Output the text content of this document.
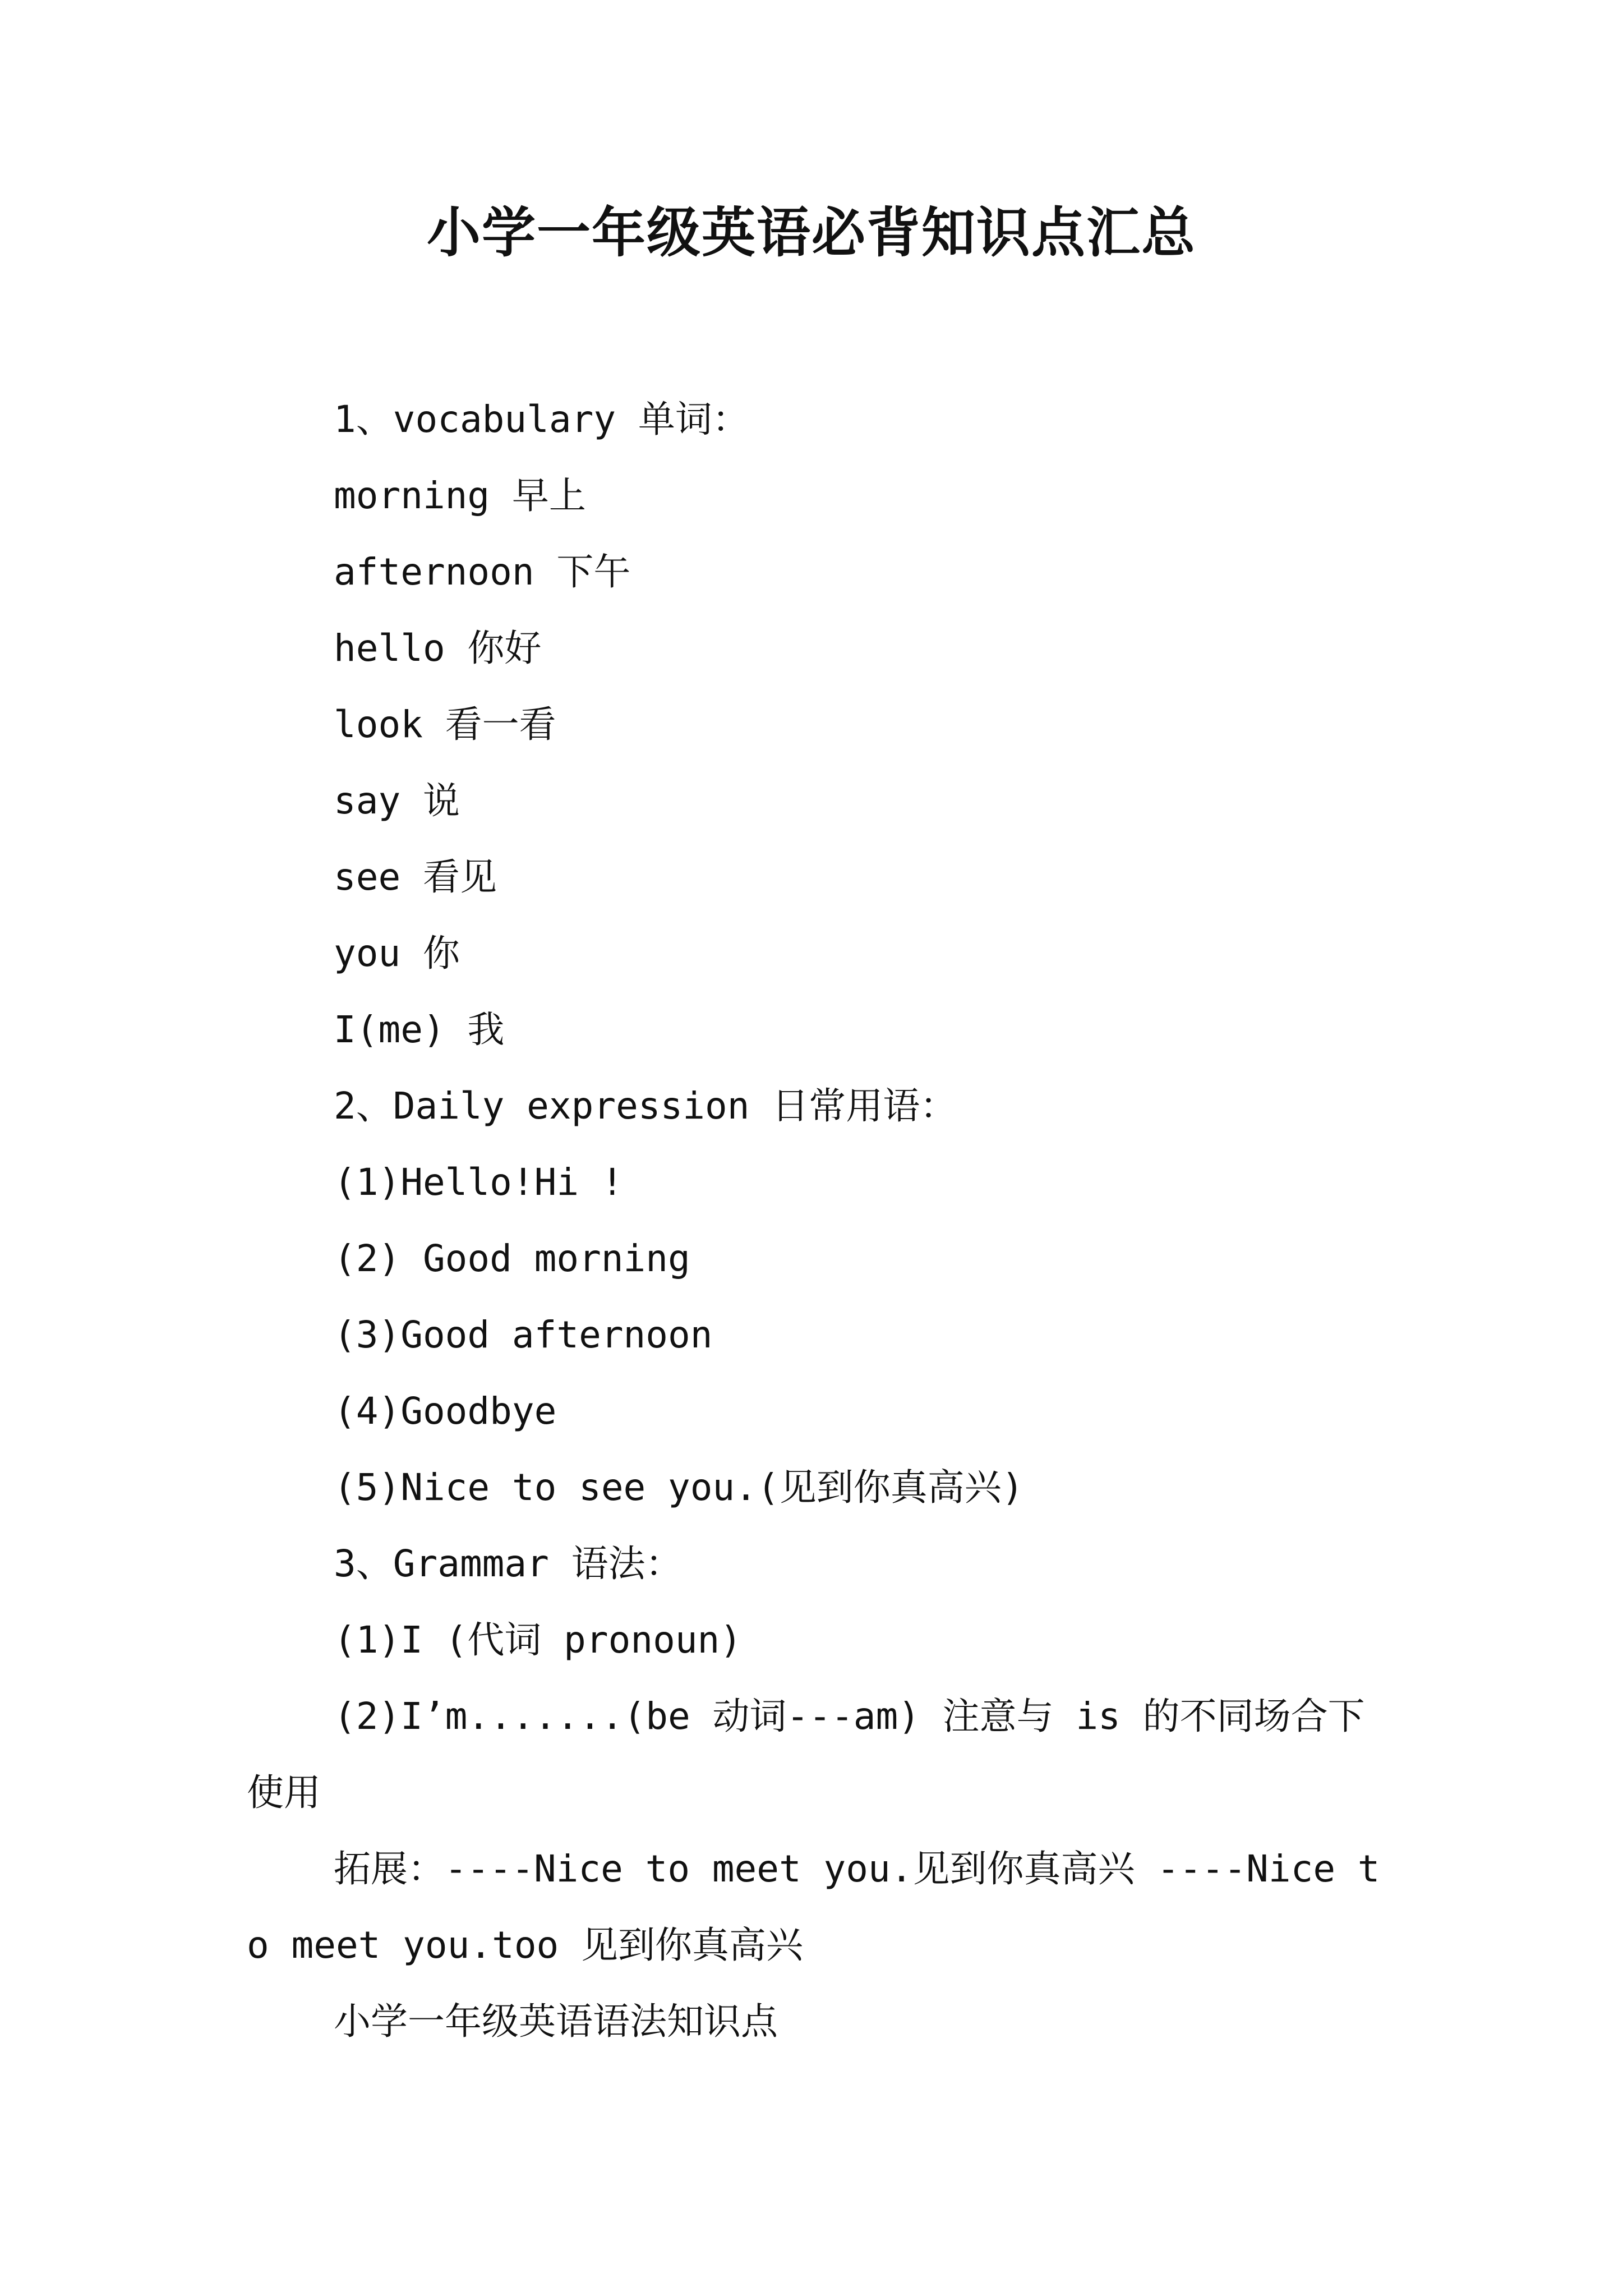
小学一年级英语必背知识点汇总
1、vocabulary 单词：
morning 早上
afternoon 下午
hello 你好
look 看一看
say 说
see 看见
you 你
I(me) 我
2、Daily expression 日常用语：
(1)Hello!Hi !
(2) Good morning
(3)Good afternoon
(4)Goodbye
(5)Nice to see you.(见到你真高兴)
3、Grammar 语法：
(1)I (代词 pronoun)
(2)I’m.......(be 动词---am) 注意与 is 的不同场合下使用
拓展：----Nice to meet you.见到你真高兴 ----Nice to meet you.too 见到你真高兴
小学一年级英语语法知识点
